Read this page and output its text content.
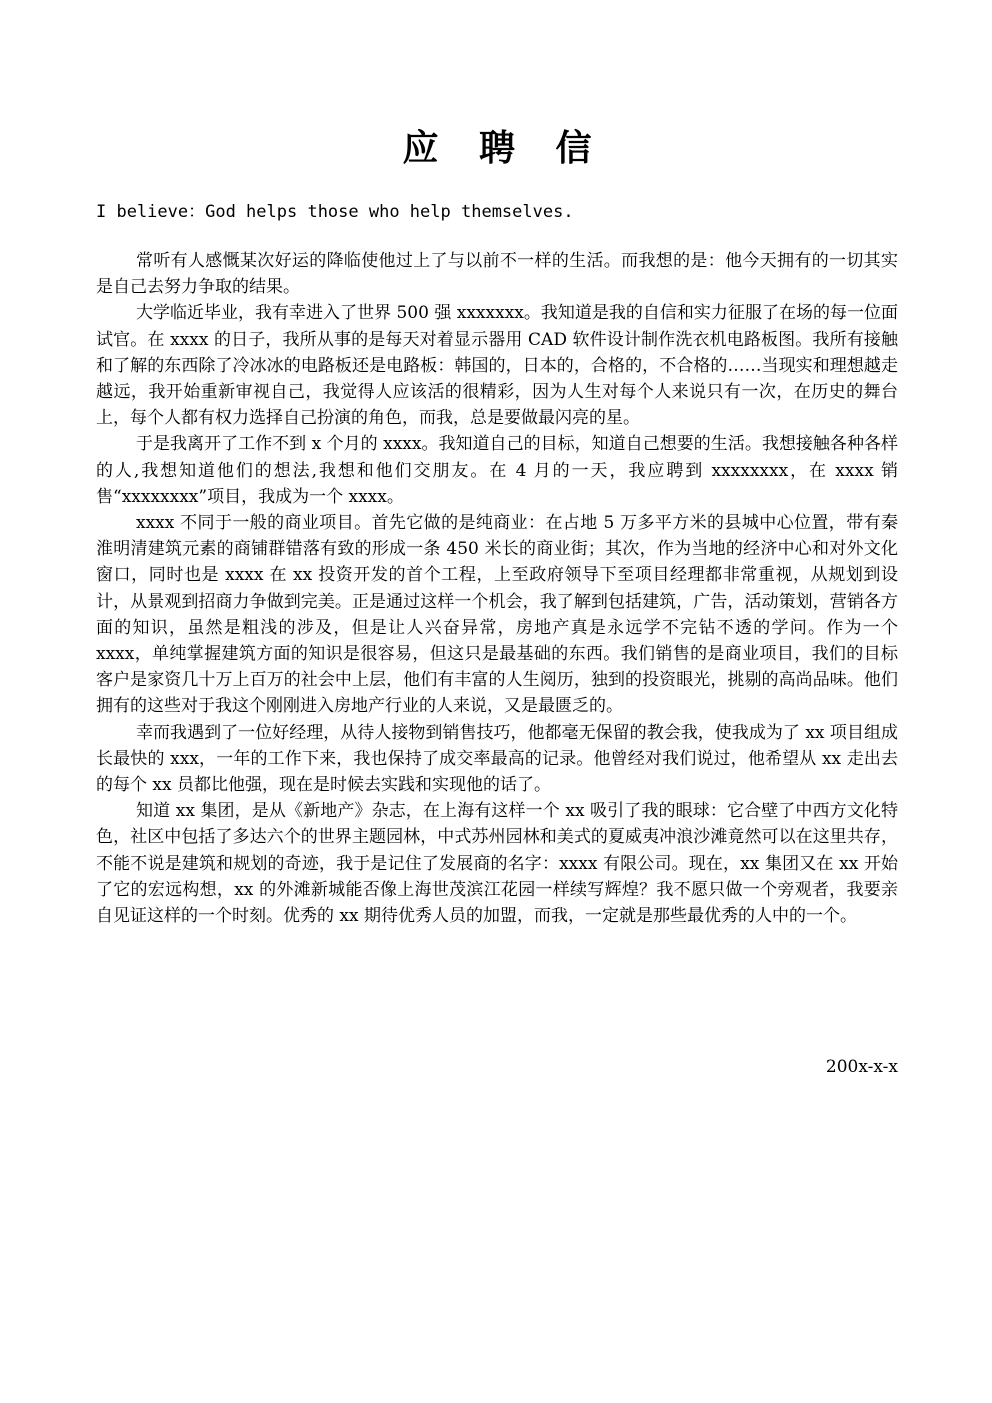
应 聘 信
I believe：God helps those who help themselves.

常听有人感慨某次好运的降临使他过上了与以前不一样的生活。而我想的是：他今天拥有的一切其实是自己去努力争取的结果。

大学临近毕业，我有幸进入了世界 500 强 xxxxxxx。我知道是我的自信和实力征服了在场的每一位面试官。在 xxxx 的日子，我所从事的是每天对着显示器用 CAD 软件设计制作洗衣机电路板图。我所有接触和了解的东西除了冷冰冰的电路板还是电路板：韩国的，日本的，合格的，不合格的……当现实和理想越走越远，我开始重新审视自己，我觉得人应该活的很精彩，因为人生对每个人来说只有一次，在历史的舞台上，每个人都有权力选择自己扮演的角色，而我，总是要做最闪亮的星。

于是我离开了工作不到 x 个月的 xxxx。我知道自己的目标，知道自己想要的生活。我想接触各种各样的人,我想知道他们的想法,我想和他们交朋友。在 4 月的一天，我应聘到 xxxxxxxx，在 xxxx 销售“xxxxxxxx”项目，我成为一个 xxxx。

xxxx 不同于一般的商业项目。首先它做的是纯商业：在占地 5 万多平方米的县城中心位置，带有秦淮明清建筑元素的商铺群错落有致的形成一条 450 米长的商业街；其次，作为当地的经济中心和对外文化窗口，同时也是 xxxx 在 xx 投资开发的首个工程，上至政府领导下至项目经理都非常重视，从规划到设计，从景观到招商力争做到完美。正是通过这样一个机会，我了解到包括建筑，广告，活动策划，营销各方面的知识，虽然是粗浅的涉及，但是让人兴奋异常，房地产真是永远学不完钻不透的学问。作为一个 xxxx，单纯掌握建筑方面的知识是很容易，但这只是最基础的东西。我们销售的是商业项目，我们的目标客户是家资几十万上百万的社会中上层，他们有丰富的人生阅历，独到的投资眼光，挑剔的高尚品味。他们拥有的这些对于我这个刚刚进入房地产行业的人来说，又是最匮乏的。

幸而我遇到了一位好经理，从待人接物到销售技巧，他都毫无保留的教会我，使我成为了 xx 项目组成长最快的 xxx，一年的工作下来，我也保持了成交率最高的记录。他曾经对我们说过，他希望从 xx 走出去的每个 xx 员都比他强，现在是时候去实践和实现他的话了。

知道 xx 集团，是从《新地产》杂志，在上海有这样一个 xx 吸引了我的眼球：它合壁了中西方文化特色，社区中包括了多达六个的世界主题园林，中式苏州园林和美式的夏威夷冲浪沙滩竟然可以在这里共存，不能不说是建筑和规划的奇迹，我于是记住了发展商的名字：xxxx 有限公司。现在，xx 集团又在 xx 开始了它的宏远构想，xx 的外滩新城能否像上海世茂滨江花园一样续写辉煌？我不愿只做一个旁观者，我要亲自见证这样的一个时刻。优秀的 xx 期待优秀人员的加盟，而我，一定就是那些最优秀的人中的一个。

200x-x-x
